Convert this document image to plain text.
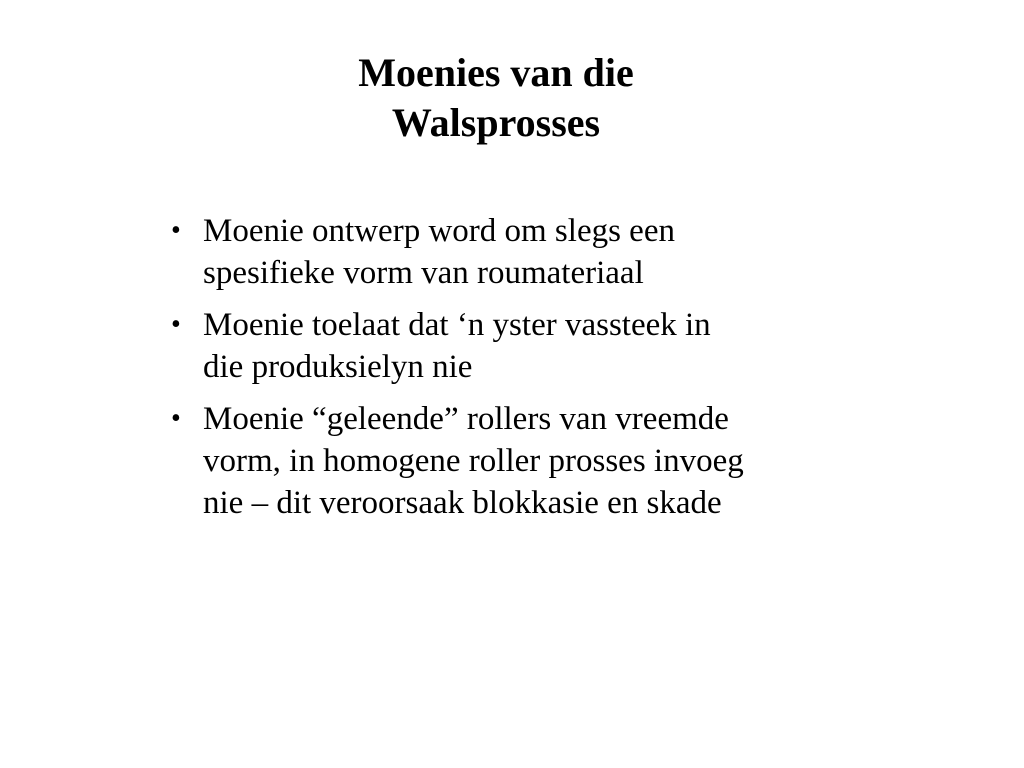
Moenies van die
Walsprosses
• Moenie ontwerp word om slegs een
spesifieke vorm van roumateriaal
• Moenie toelaat dat ‘n yster vassteek in
die produksielyn nie
• Moenie “geleende” rollers van vreemde
vorm, in homogene roller prosses invoeg
nie – dit veroorsaak blokkasie en skade
